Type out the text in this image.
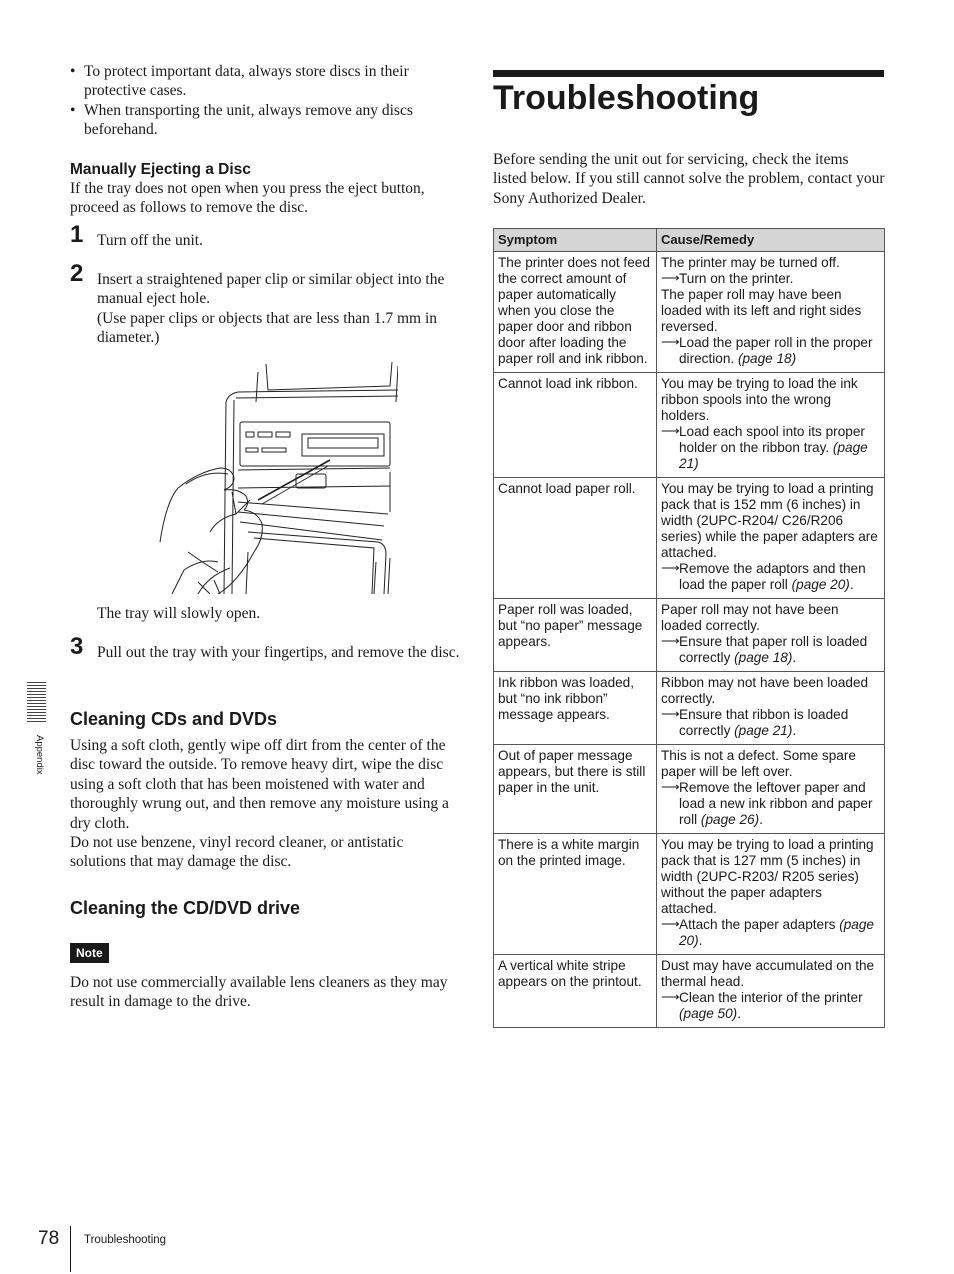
• To protect important data, always store discs in their protective cases.
• When transporting the unit, always remove any discs beforehand.
Manually Ejecting a Disc

If the tray does not open when you press the eject button, proceed as follows to remove the disc.

1 Turn off the unit.
2 Insert a straightened paper clip or similar object into the manual eject hole.

(Use paper clips or objects that are less than 1.7 mm in diameter.)

The tray will slowly open.
3 Pull out the tray with your fingertips, and remove the disc.
Cleaning CDs and DVDs

Using a soft cloth, gently wipe off dirt from the center of the disc toward the outside. To remove heavy dirt, wipe the disc using a soft cloth that has been moistened with water and thoroughly wrung out, and then remove any moisture using a dry cloth.

Do not use benzene, vinyl record cleaner, or antistatic solutions that may damage the disc.

Cleaning the CD/DVD drive
Note
Do not use commercially available lens cleaners as they may result in damage to the drive.
Appendix
Troubleshooting

Before sending the unit out for servicing, check the items listed below. If you still cannot solve the problem, contact your Sony Authorized Dealer.

Symptom	Cause/Remedy
The printer does not feed the correct amount of paper automatically when you close the paper door and ribbon door after loading the paper roll and ink ribbon.	The printer may be turned off.
⟶ Turn on the printer.
The paper roll may have been loaded with its left and right sides reversed.
⟶ Load the paper roll in the proper direction. (page 18)

Cannot load ink ribbon.	You may be trying to load the ink ribbon spools into the wrong holders.
⟶ Load each spool into its proper holder on the ribbon tray. (page 21)

Cannot load paper roll.	You may be trying to load a printing pack that is 152 mm (6 inches) in width (2UPC-R204/ C26/R206 series) while the paper adapters are attached.
⟶ Remove the adaptors and then load the paper roll (page 20).

Paper roll was loaded, but “no paper” message appears.	Paper roll may not have been loaded correctly.
⟶ Ensure that paper roll is loaded correctly (page 18).

Ink ribbon was loaded, but “no ink ribbon” message appears.	Ribbon may not have been loaded correctly.
⟶ Ensure that ribbon is loaded correctly (page 21).

Out of paper message appears, but there is still paper in the unit.	This is not a defect. Some spare paper will be left over.
⟶ Remove the leftover paper and load a new ink ribbon and paper roll (page 26).

There is a white margin on the printed image.	You may be trying to load a printing pack that is 127 mm (5 inches) in width (2UPC-R203/ R205 series) without the paper adapters attached.
⟶ Attach the paper adapters (page 20).

A vertical white stripe appears on the printout.	Dust may have accumulated on the thermal head.
⟶ Clean the interior of the printer (page 50).
78 Troubleshooting
